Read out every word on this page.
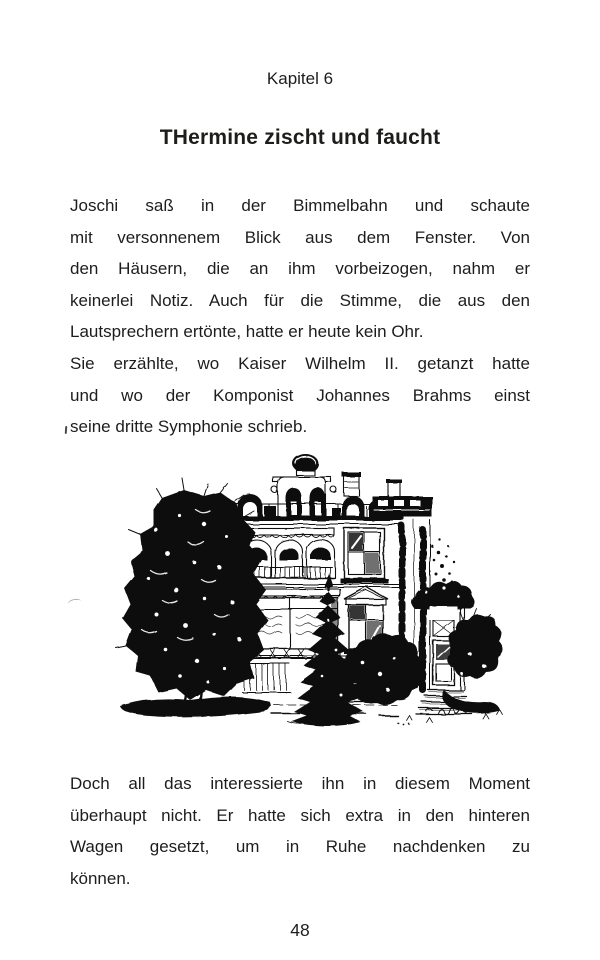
Kapitel 6
THermine zischt und faucht
Joschi saß in der Bimmelbahn und schaute
mit versonnenem Blick aus dem Fenster. Von
den Häusern, die an ihm vorbeizogen, nahm er
keinerlei Notiz. Auch für die Stimme, die aus den
Lautsprechern ertönte, hatte er heute kein Ohr.
Sie erzählte, wo Kaiser Wilhelm II. getanzt hatte
und wo der Komponist Johannes Brahms einst
seine dritte Symphonie schrieb.
Doch all das interessierte ihn in diesem Moment
überhaupt nicht. Er hatte sich extra in den hinteren
Wagen gesetzt, um in Ruhe nachdenken zu
können.
48
